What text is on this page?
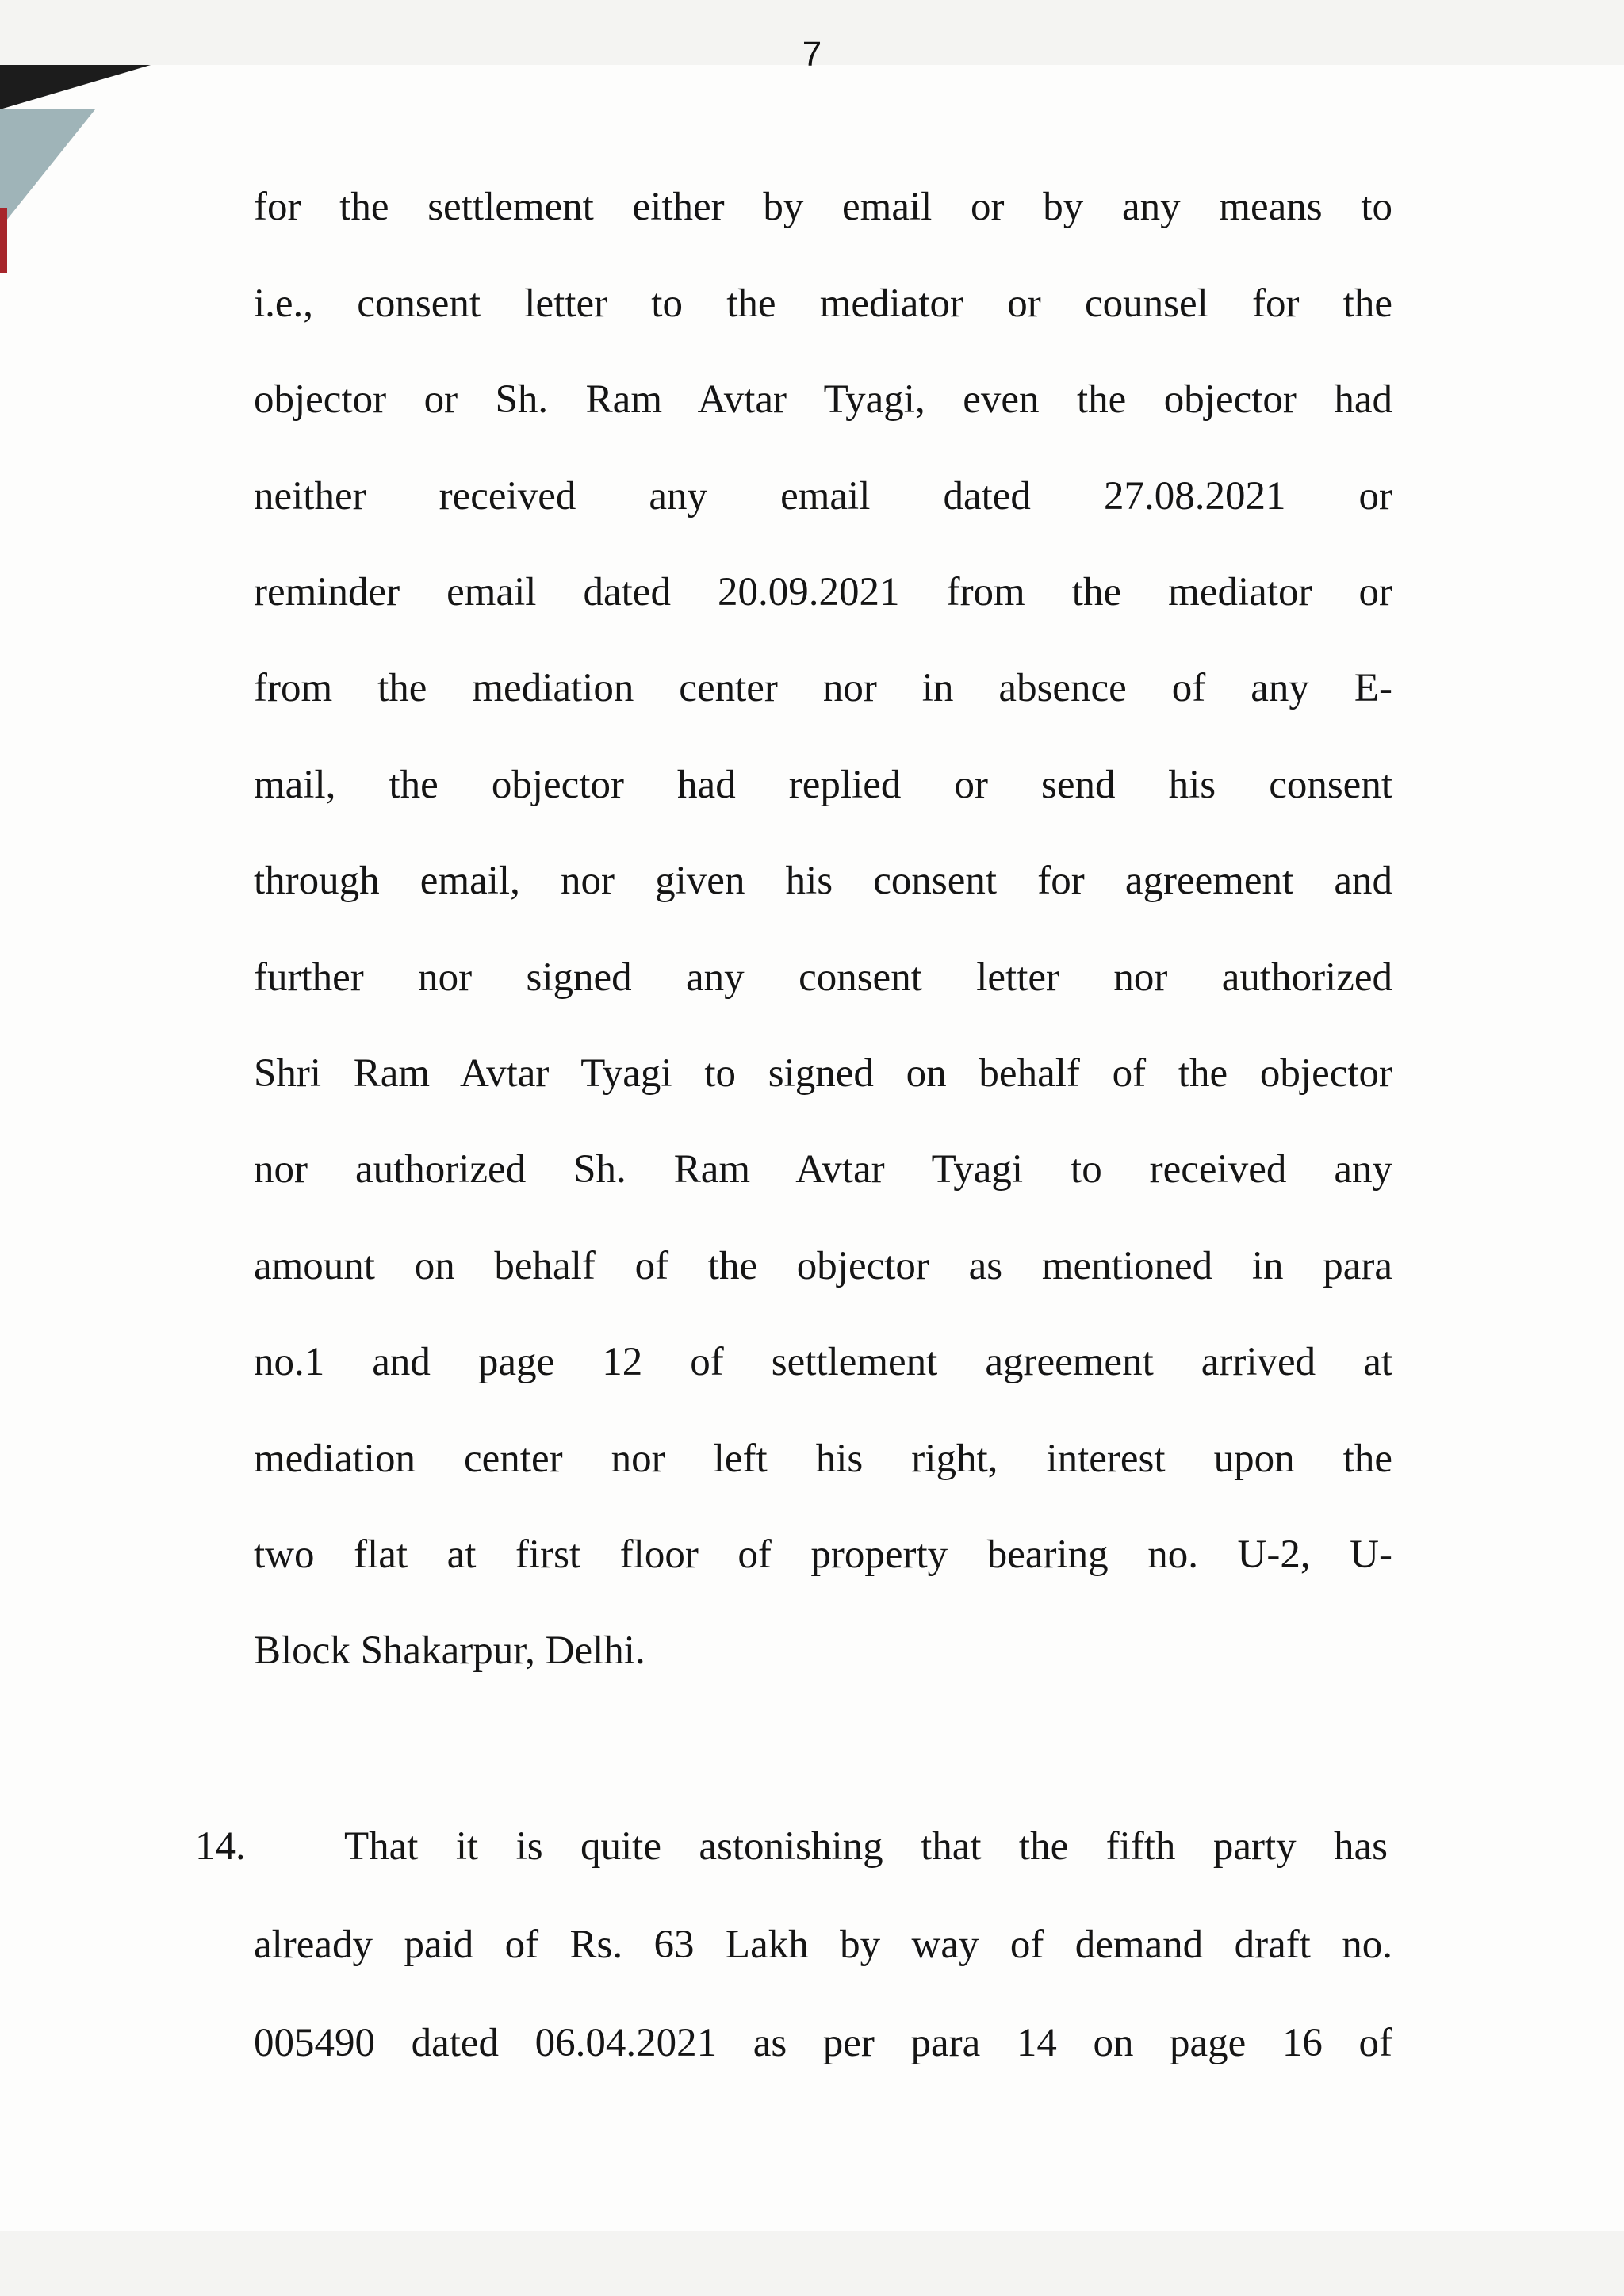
7

for the settlement either by email or by any means to

i.e., consent letter to the mediator or counsel for the

objector or Sh. Ram Avtar Tyagi, even the objector had

neither received any email dated 27.08.2021 or

reminder email dated 20.09.2021 from the mediator or

from the mediation center nor in absence of any E-

mail, the objector had replied or send his consent

through email, nor given his consent for agreement and

further nor signed any consent letter nor authorized

Shri Ram Avtar Tyagi to signed on behalf of the objector

nor authorized Sh. Ram Avtar Tyagi to received any

amount on behalf of the objector as mentioned in para

no.1 and page 12 of settlement agreement arrived at

mediation center nor left his right, interest upon the

two flat at first floor of property bearing no. U-2, U-

Block Shakarpur, Delhi.

14. That it is quite astonishing that the fifth party has

already paid of Rs. 63 Lakh by way of demand draft no.

005490 dated 06.04.2021 as per para 14 on page 16 of
